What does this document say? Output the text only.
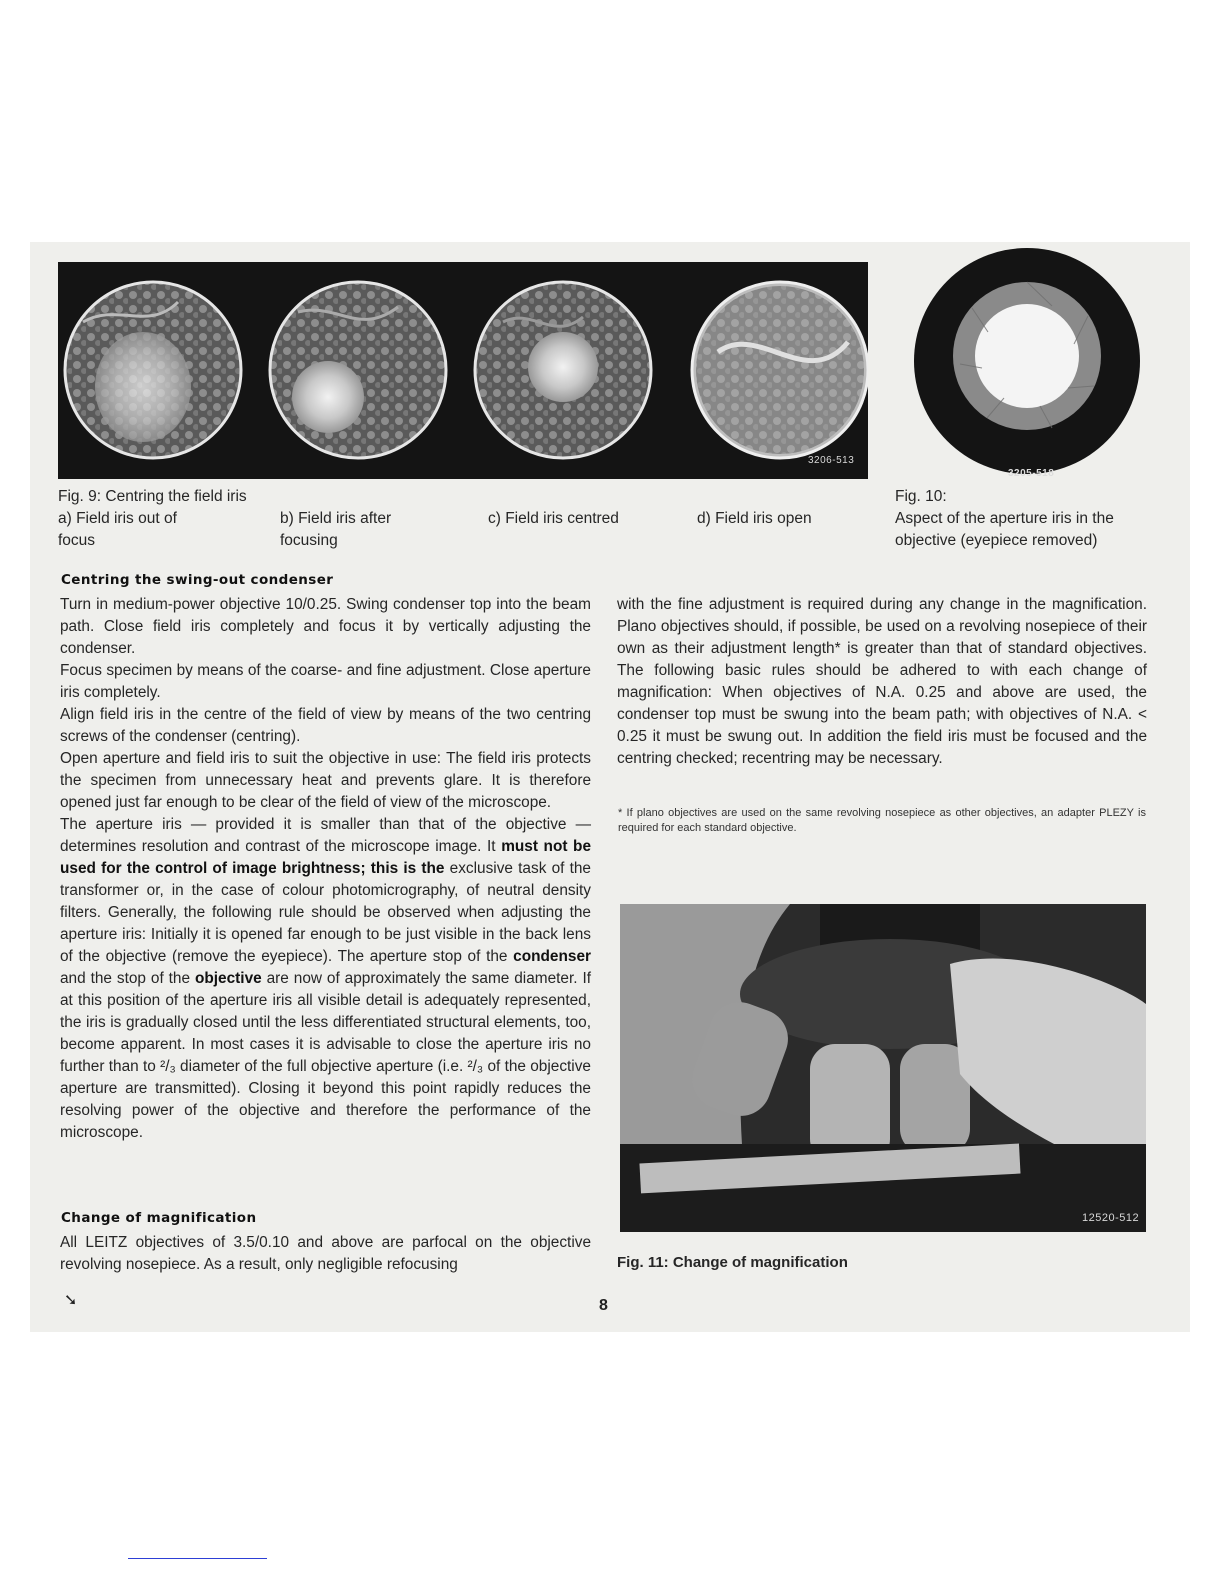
3206-513
3205-518
Fig. 9: Centring the field iris
a) Field iris out of
focus
b) Field iris after
focusing
c) Field iris centred	d) Field iris open
Fig. 10:
Aspect of the aperture iris in the
objective (eyepiece removed)
Centring the swing-out condenser

Turn in medium-power objective 10/0.25. Swing condenser top into the beam path. Close field iris completely and focus it by vertically adjusting the condenser.

Focus specimen by means of the coarse- and fine adjustment. Close aperture iris completely.

Align field iris in the centre of the field of view by means of the two centring screws of the condenser (centring).

Open aperture and field iris to suit the objective in use: The field iris protects the specimen from unnecessary heat and prevents glare. It is therefore opened just far enough to be clear of the field of view of the microscope.

The aperture iris — provided it is smaller than that of the objective — determines resolution and contrast of the microscope image. It must not be used for the control of image brightness; this is the exclusive task of the transformer or, in the case of colour photomicrography, of neutral density filters. Generally, the following rule should be observed when adjusting the aperture iris: Initially it is opened far enough to be just visible in the back lens of the objective (remove the eyepiece). The aperture stop of the condenser and the stop of the objective are now of approximately the same diameter. If at this position of the aperture iris all visible detail is adequately represented, the iris is gradually closed until the less differentiated structural elements, too, become apparent. In most cases it is advisable to close the aperture iris no further than to ²/₃ diameter of the full objective aperture (i.e. ²/₃ of the objective aperture are transmitted). Closing it beyond this point rapidly reduces the resolving power of the objective and therefore the performance of the microscope.

Change of magnification

All LEITZ objectives of 3.5/0.10 and above are parfocal on the objective revolving nosepiece. As a result, only negligible refocusing

with the fine adjustment is required during any change in the magnification. Plano objectives should, if possible, be used on a revolving nosepiece of their own as their adjustment length* is greater than that of standard objectives. The following basic rules should be adhered to with each change of magnification: When objectives of N.A. 0.25 and above are used, the condenser top must be swung into the beam path; with objectives of N.A. < 0.25 it must be swung out. In addition the field iris must be focused and the centring checked; recentring may be necessary.

* If plano objectives are used on the same revolving nosepiece as other objectives, an adapter PLEZY is required for each standard objective.
12520-512
Fig. 11: Change of magnification
➘	8
